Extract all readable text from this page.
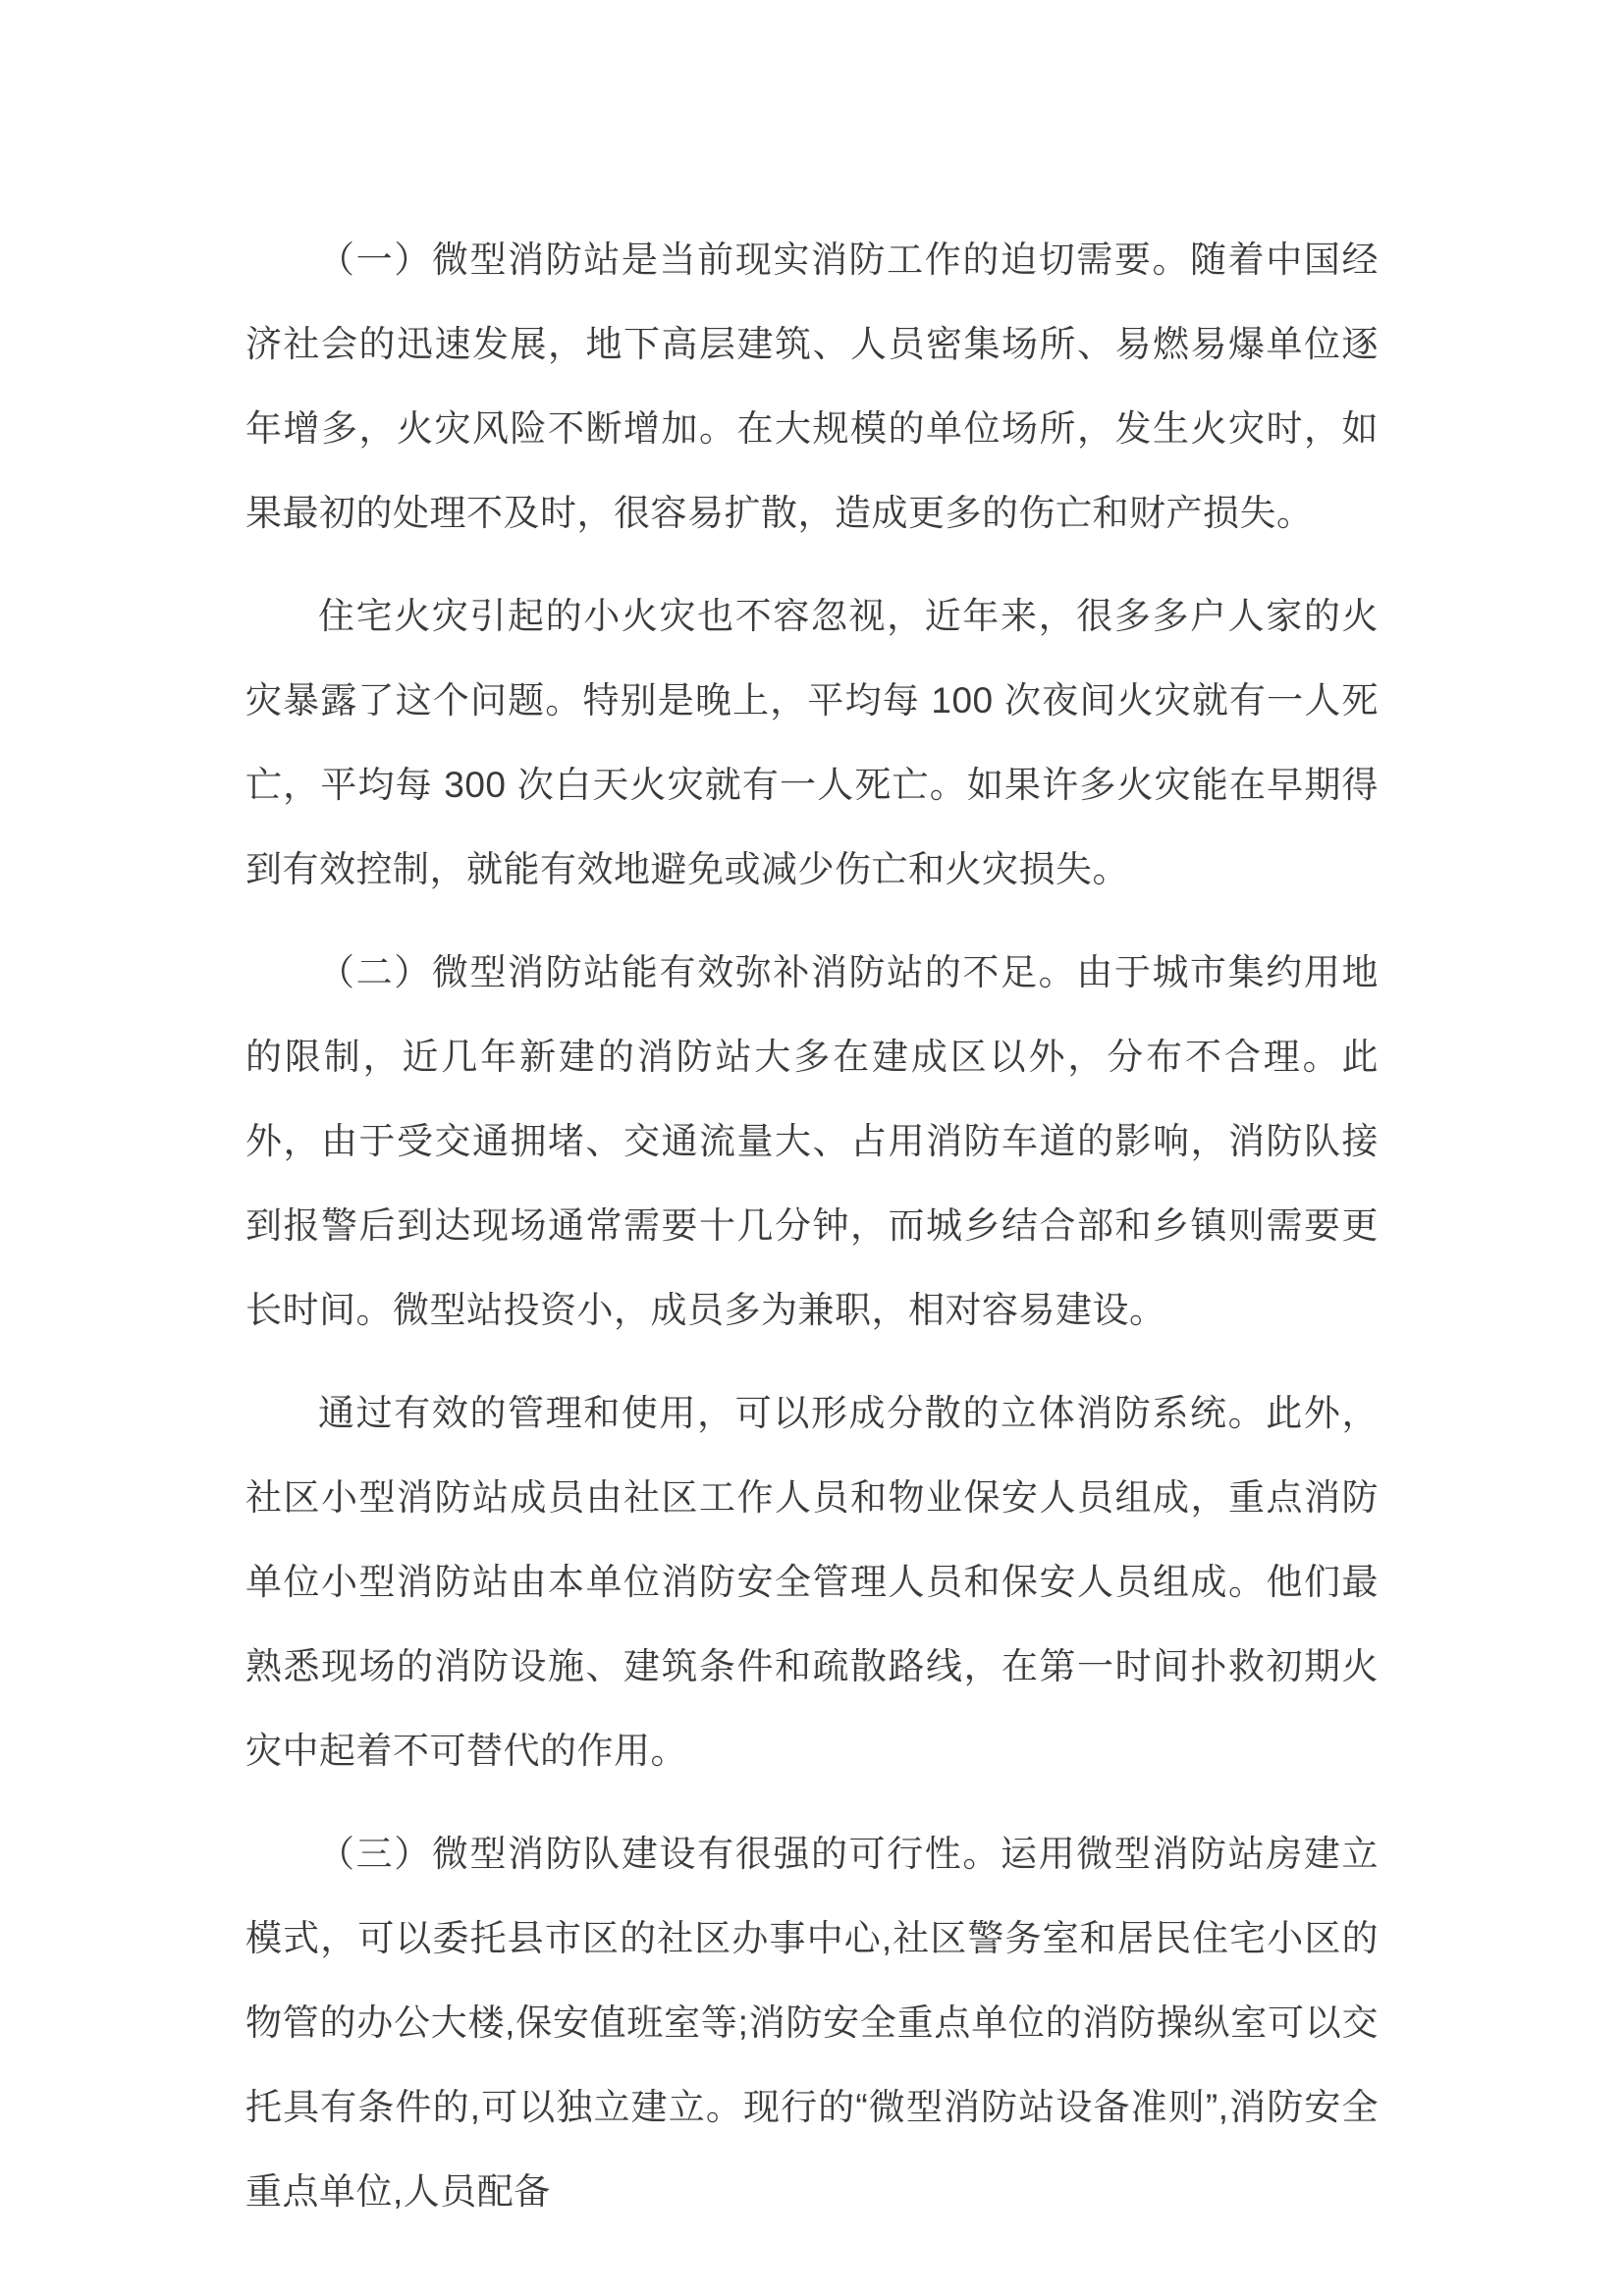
（一）微型消防站是当前现实消防工作的迫切需要。随着中国经济社会的迅速发展，地下高层建筑、人员密集场所、易燃易爆单位逐年增多，火灾风险不断增加。在大规模的单位场所，发生火灾时，如果最初的处理不及时，很容易扩散，造成更多的伤亡和财产损失。

住宅火灾引起的小火灾也不容忽视，近年来，很多多户人家的火灾暴露了这个问题。特别是晚上，平均每 100 次夜间火灾就有一人死亡，平均每 300 次白天火灾就有一人死亡。如果许多火灾能在早期得到有效控制，就能有效地避免或减少伤亡和火灾损失。

（二）微型消防站能有效弥补消防站的不足。由于城市集约用地的限制，近几年新建的消防站大多在建成区以外，分布不合理。此外，由于受交通拥堵、交通流量大、占用消防车道的影响，消防队接到报警后到达现场通常需要十几分钟，而城乡结合部和乡镇则需要更长时间。微型站投资小，成员多为兼职，相对容易建设。

通过有效的管理和使用，可以形成分散的立体消防系统。此外，社区小型消防站成员由社区工作人员和物业保安人员组成，重点消防单位小型消防站由本单位消防安全管理人员和保安人员组成。他们最熟悉现场的消防设施、建筑条件和疏散路线，在第一时间扑救初期火灾中起着不可替代的作用。

（三）微型消防队建设有很强的可行性。运用微型消防站房建立模式，可以委托县市区的社区办事中心,社区警务室和居民住宅小区的物管的办公大楼,保安值班室等;消防安全重点单位的消防操纵室可以交托具有条件的,可以独立建立。现行的“微型消防站设备准则”,消防安全重点单位,人员配备
